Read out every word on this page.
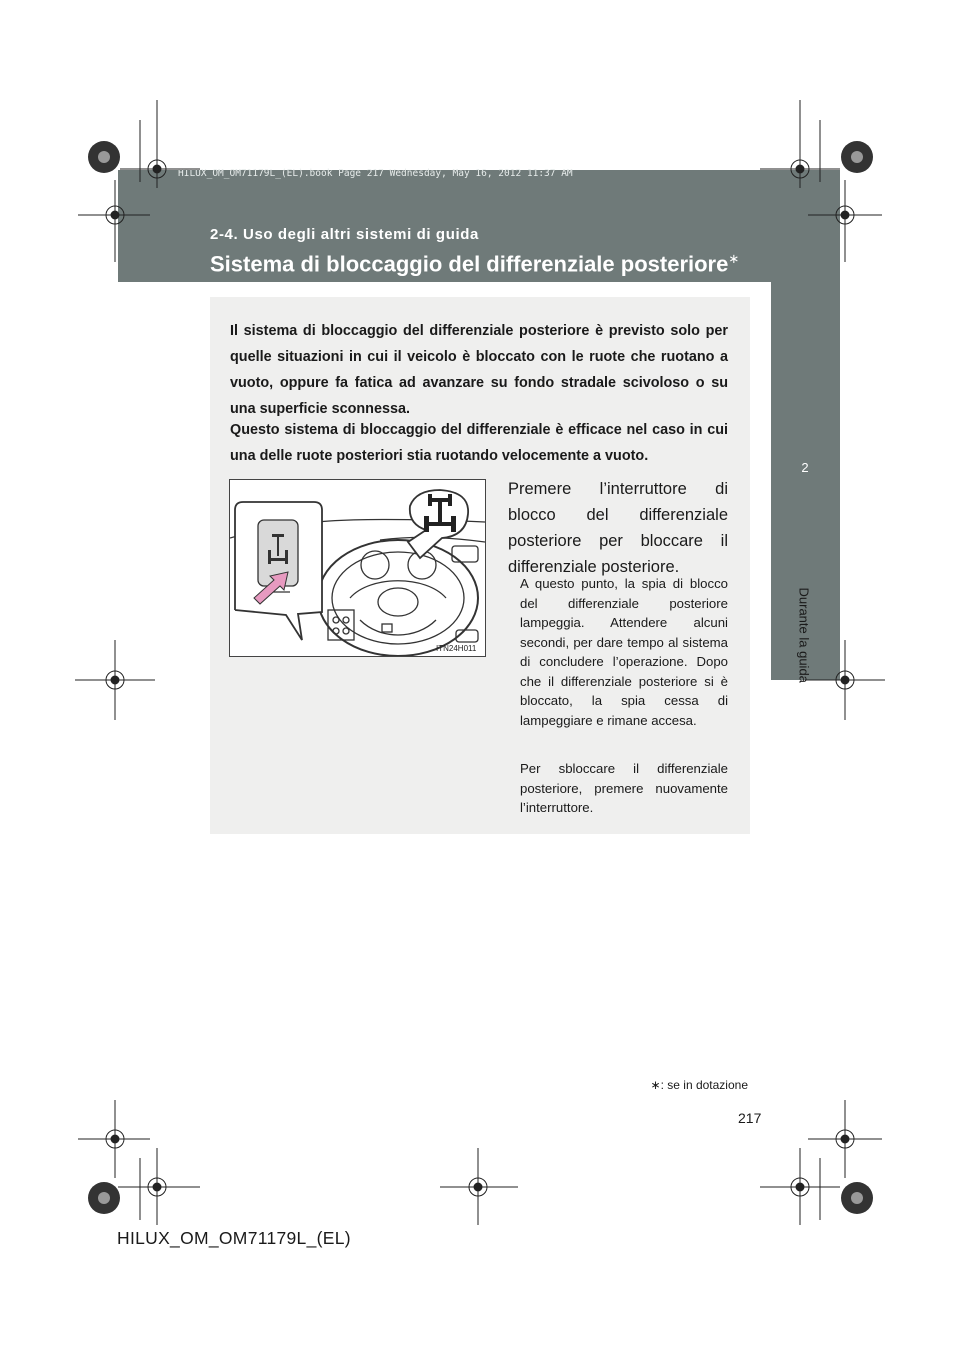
HILUX_OM_OM71179L_(EL).book Page 217 Wednesday, May 16, 2012 11:37 AM
2-4. Uso degli altri sistemi di guida
Sistema di bloccaggio del differenziale posteriore∗
2
Durante la guida
Il sistema di bloccaggio del differenziale posteriore è previsto solo per quelle situazioni in cui il veicolo è bloccato con le ruote che ruotano a vuoto, oppure fa fatica ad avanzare su fondo stradale scivoloso o su una superficie sconnessa.
Questo sistema di bloccaggio del differenziale è efficace nel caso in cui una delle ruote posteriori stia ruotando velocemente a vuoto.
ITN24H011
Premere l’interruttore di blocco del differenziale posteriore per bloccare il differenziale posteriore.
A questo punto, la spia di blocco del differenziale posteriore lampeggia. Attendere alcuni secondi, per dare tempo al sistema di concludere l’operazione. Dopo che il differenziale posteriore si è bloccato, la spia cessa di lampeggiare e rimane accesa.
Per sbloccare il differenziale posteriore, premere nuovamente l’interruttore.
∗: se in dotazione
217
HILUX_OM_OM71179L_(EL)
